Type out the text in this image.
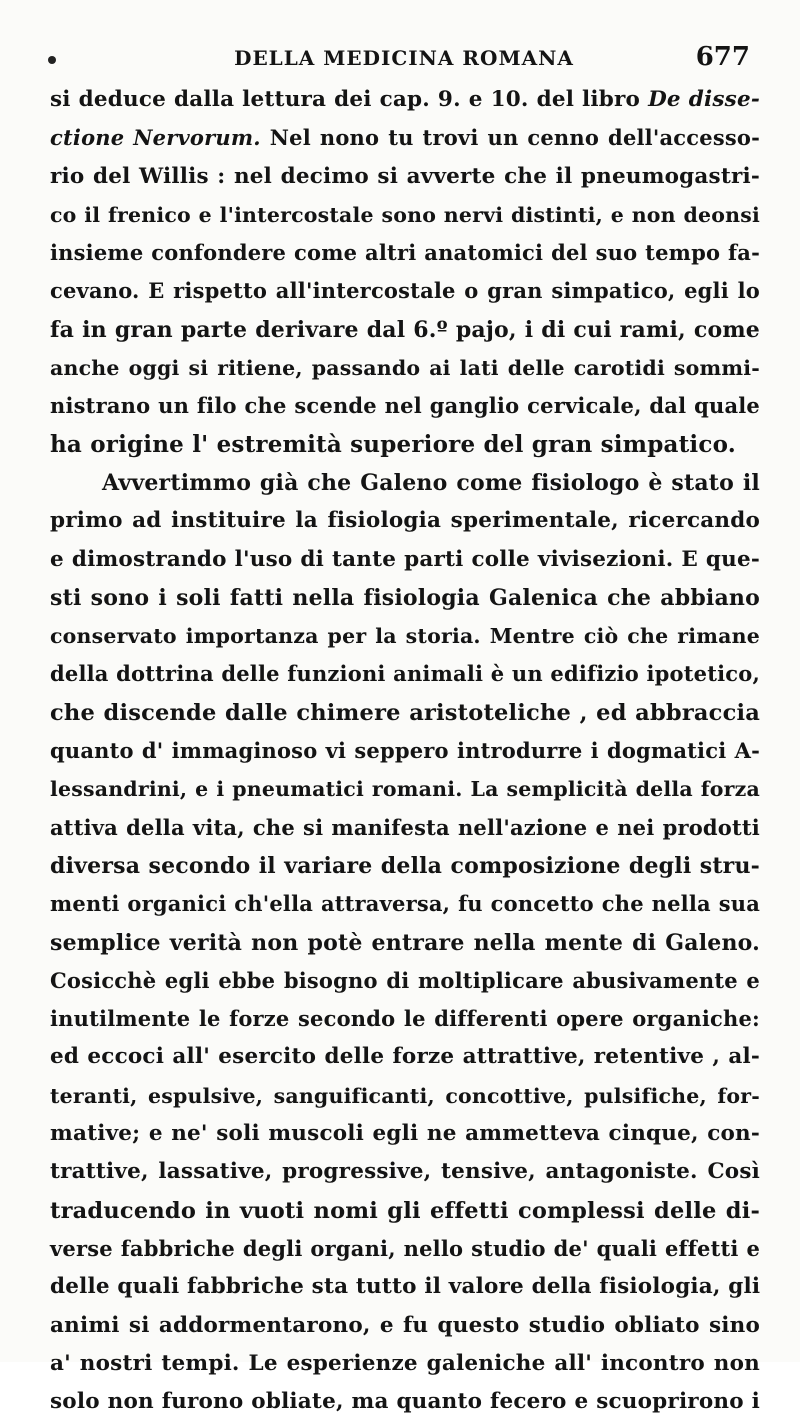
DELLA MEDICINA ROMANA	677
si deduce dalla lettura dei cap. 9. e 10. del libro De disse-
ctione Nervorum. Nel nono tu trovi un cenno dell'accesso-
rio del Willis : nel decimo si avverte che il pneumogastri-
co il frenico e l'intercostale sono nervi distinti, e non deonsi
insieme confondere come altri anatomici del suo tempo fa-
cevano. E rispetto all'intercostale o gran simpatico, egli lo
fa in gran parte derivare dal 6.º pajo, i di cui rami, come
anche oggi si ritiene, passando ai lati delle carotidi sommi-
nistrano un filo che scende nel ganglio cervicale, dal quale
ha origine l' estremità superiore del gran simpatico.
Avvertimmo già che Galeno come fisiologo è stato il
primo ad instituire la fisiologia sperimentale, ricercando
e dimostrando l'uso di tante parti colle vivisezioni. E que-
sti sono i soli fatti nella fisiologia Galenica che abbiano
conservato importanza per la storia. Mentre ciò che rimane
della dottrina delle funzioni animali è un edifizio ipotetico,
che discende dalle chimere aristoteliche , ed abbraccia
quanto d' immaginoso vi seppero introdurre i dogmatici A-
lessandrini, e i pneumatici romani. La semplicità della forza
attiva della vita, che si manifesta nell'azione e nei prodotti
diversa secondo il variare della composizione degli stru-
menti organici ch'ella attraversa, fu concetto che nella sua
semplice verità non potè entrare nella mente di Galeno.
Cosicchè egli ebbe bisogno di moltiplicare abusivamente e
inutilmente le forze secondo le differenti opere organiche:
ed eccoci all' esercito delle forze attrattive, retentive , al-
teranti, espulsive, sanguificanti, concottive, pulsifiche, for-
mative; e ne' soli muscoli egli ne ammetteva cinque, con-
trattive, lassative, progressive, tensive, antagoniste. Così
traducendo in vuoti nomi gli effetti complessi delle di-
verse fabbriche degli organi, nello studio de' quali effetti e
delle quali fabbriche sta tutto il valore della fisiologia, gli
animi si addormentarono, e fu questo studio obliato sino
a' nostri tempi. Le esperienze galeniche all' incontro non
solo non furono obliate, ma quanto fecero e scuoprirono i
